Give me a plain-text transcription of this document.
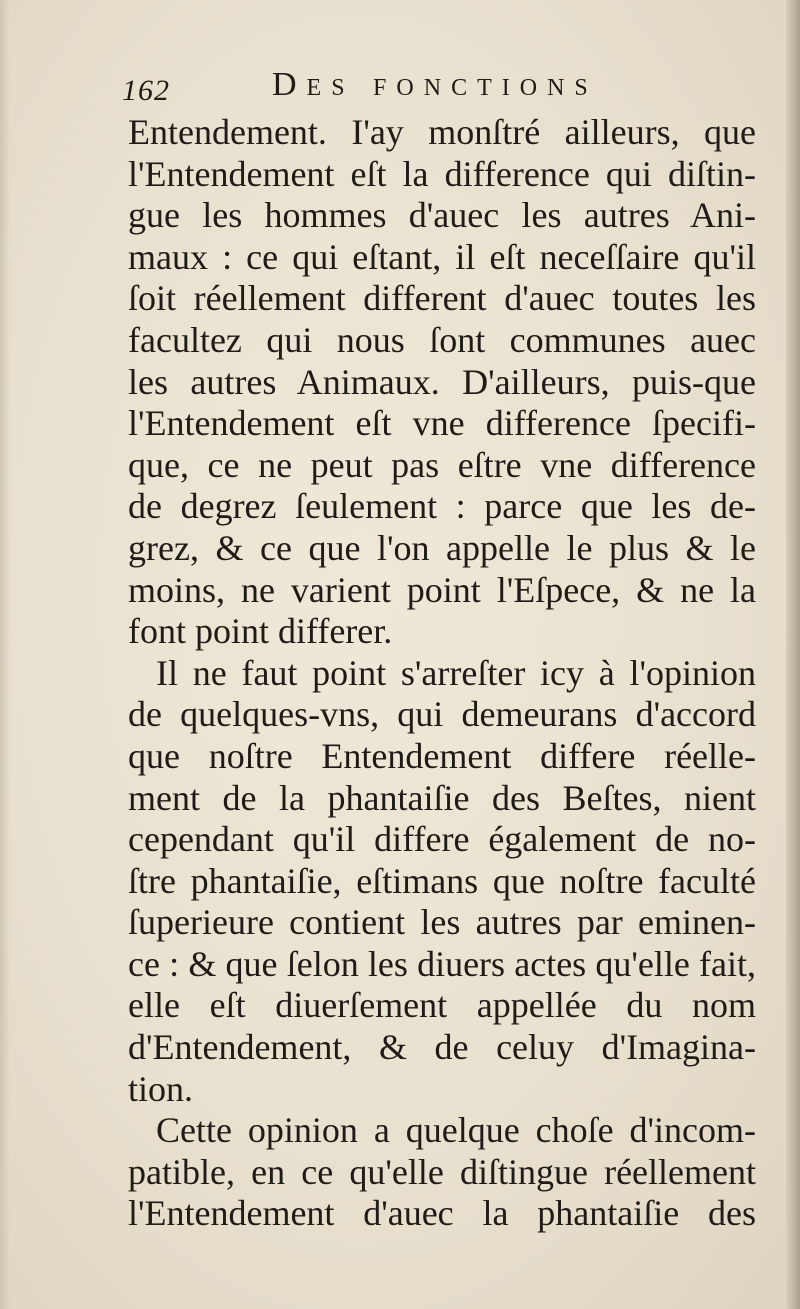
162	Des fonctions
Entendement. I'ay monſtré ailleurs, que
l'Entendement eſt la difference qui diſtin-
gue les hommes d'auec les autres Ani-
maux : ce qui eſtant, il eſt neceſſaire qu'il
ſoit réellement different d'auec toutes les
facultez qui nous ſont communes auec
les autres Animaux. D'ailleurs, puis-que
l'Entendement eſt vne difference ſpecifi-
que, ce ne peut pas eſtre vne difference
de degrez ſeulement : parce que les de-
grez, & ce que l'on appelle le plus & le
moins, ne varient point l'Eſpece, & ne la
font point differer.
Il ne faut point s'arreſter icy à l'opinion
de quelques-vns, qui demeurans d'accord
que noſtre Entendement differe réelle-
ment de la phantaiſie des Beſtes, nient
cependant qu'il differe également de no-
ſtre phantaiſie, eſtimans que noſtre faculté
ſuperieure contient les autres par eminen-
ce : & que ſelon les diuers actes qu'elle fait,
elle eſt diuerſement appellée du nom
d'Entendement, & de celuy d'Imagina-
tion.
Cette opinion a quelque choſe d'incom-
patible, en ce qu'elle diſtingue réellement
l'Entendement d'auec la phantaiſie des
